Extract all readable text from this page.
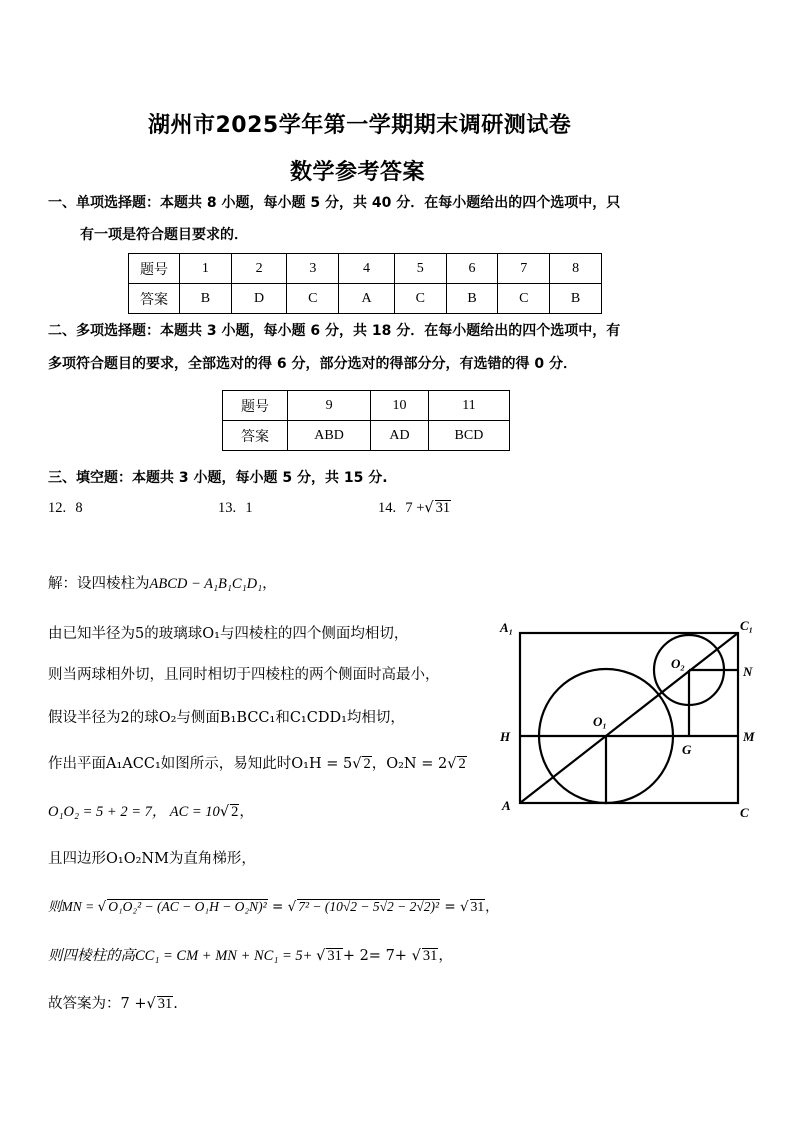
湖州市2025学年第一学期期末调研测试卷
数学参考答案
一、单项选择题：本题共 8 小题，每小题 5 分，共 40 分．在每小题给出的四个选项中，只
有一项是符合题目要求的．
题号	1	2	3	4	5	6	7	8
答案	B	D	C	A	C	B	C	B
二、多项选择题：本题共 3 小题，每小题 6 分，共 18 分．在每小题给出的四个选项中，有
多项符合题目的要求，全部选对的得 6 分，部分选对的得部分分，有选错的得 0 分．
题号	9	10	11
答案	ABD	AD	BCD
三、填空题：本题共 3 小题，每小题 5 分，共 15 分.
12. 8	13. 1	14. 7 +√ 31
解：设四棱柱为ABCD − A₁B₁C₁D₁，
由已知半径为5的玻璃球O₁与四棱柱的四个侧面均相切，
则当两球相外切，且同时相切于四棱柱的两个侧面时高最小，
假设半径为2的球O₂与侧面B₁BCC₁和C₁CDD₁均相切，
作出平面A₁ACC₁如图所示，易知此时O₁H = 5√ 2，O₂N = 2√ 2
O₁O₂ = 5 + 2 = 7， AC = 10√ 2，
且四边形O₁O₂NM为直角梯形，
则MN = √ O₁O₂² − (AC − O₁H − O₂N)² = √ 7² − (10√2 − 5√2 − 2√2)² = √ 31，
则四棱柱的高CC₁ = CM + MN + NC₁ = 5+ √ 31+ 2= 7+ √ 31，
故答案为：7 +√ 31.
A₁	C₁
O₂
N
H
O₁
G
M
A	C
